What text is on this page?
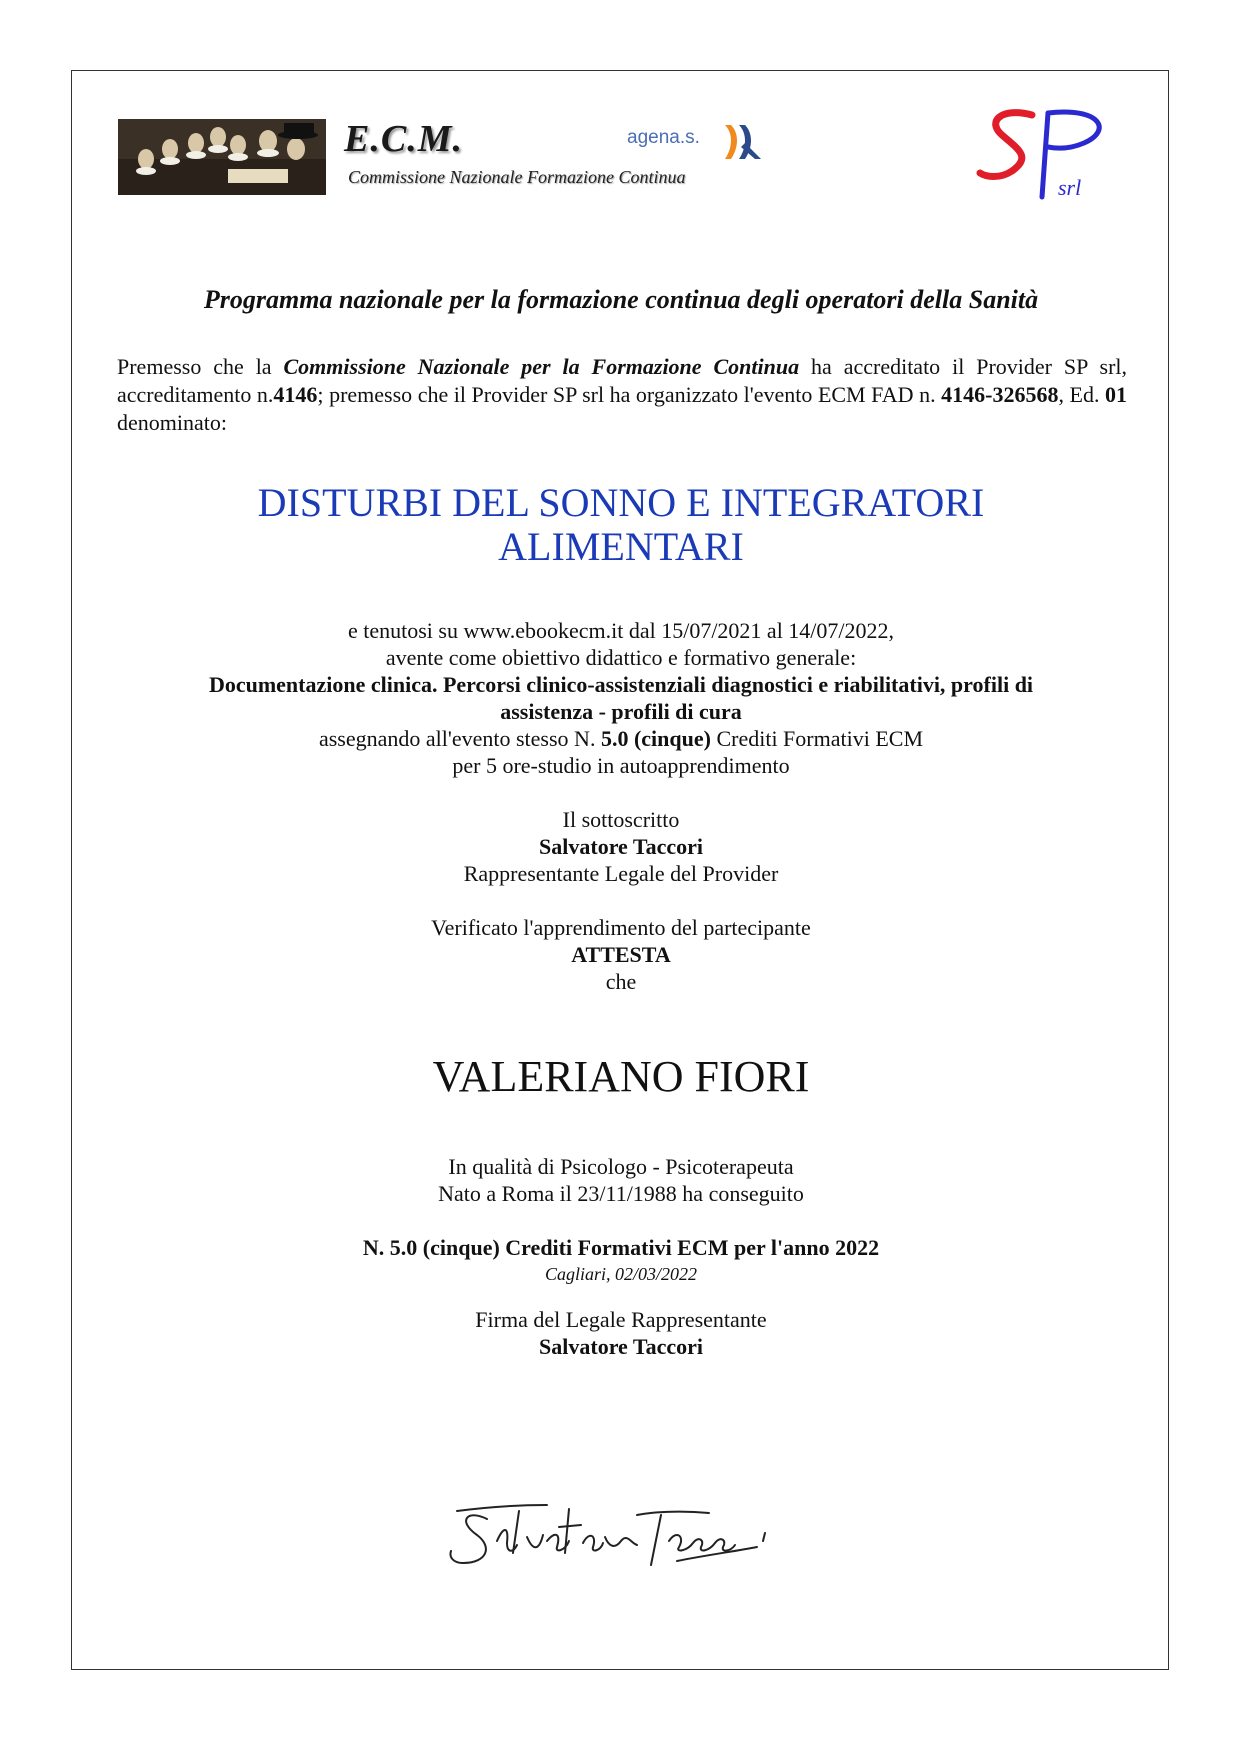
E.C.M.
Commissione Nazionale Formazione Continua
agena.s.
srl
Programma nazionale per la formazione continua degli operatori della Sanità
Premesso che la Commissione Nazionale per la Formazione Continua ha accreditato il Provider SP srl, accreditamento n.4146; premesso che il Provider SP srl ha organizzato l'evento ECM FAD n. 4146-326568, Ed. 01 denominato:
DISTURBI DEL SONNO E INTEGRATORI
ALIMENTARI
e tenutosi su www.ebookecm.it dal 15/07/2021 al 14/07/2022,
avente come obiettivo didattico e formativo generale:
Documentazione clinica. Percorsi clinico-assistenziali diagnostici e riabilitativi, profili di
assistenza - profili di cura
assegnando all'evento stesso N. 5.0 (cinque) Crediti Formativi ECM
per 5 ore-studio in autoapprendimento
Il sottoscritto
Salvatore Taccori
Rappresentante Legale del Provider
Verificato l'apprendimento del partecipante
ATTESTA
che
VALERIANO FIORI
In qualità di Psicologo - Psicoterapeuta
Nato a Roma il 23/11/1988 ha conseguito
N. 5.0 (cinque) Crediti Formativi ECM per l'anno 2022
Cagliari, 02/03/2022
Firma del Legale Rappresentante
Salvatore Taccori
